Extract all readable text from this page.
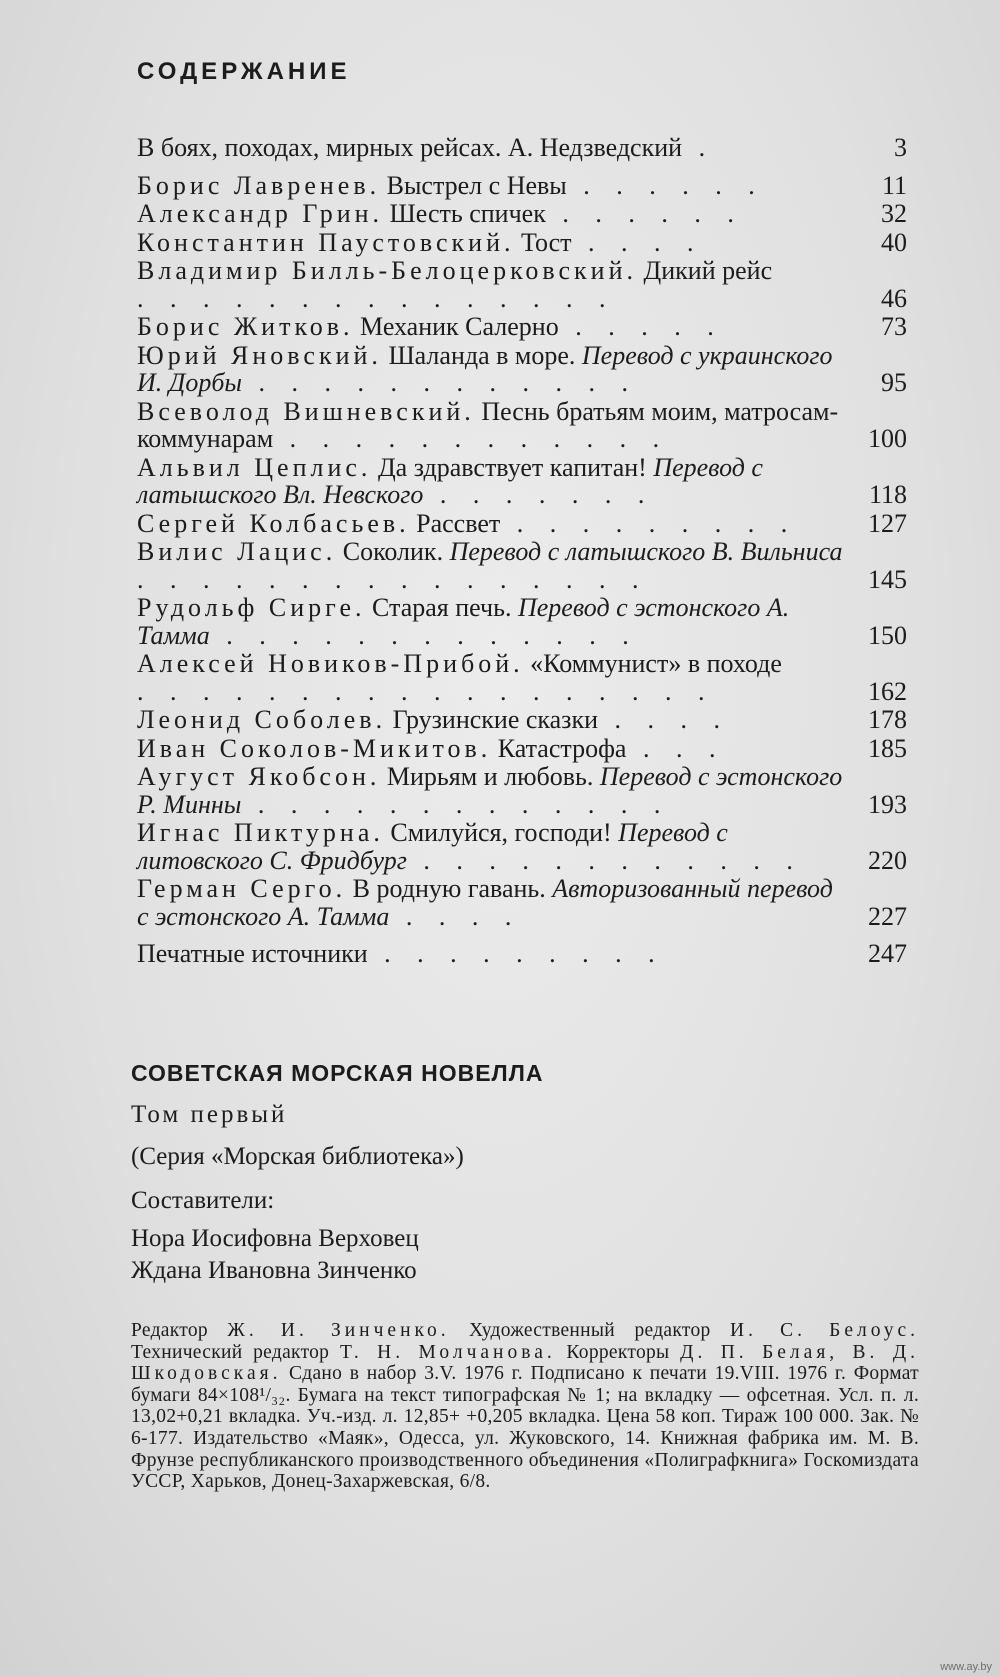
СОДЕРЖАНИЕ
В боях, походах, мирных рейсах. А. Недзведский .	3
Борис Лавренев. Выстрел с Невы . . . . . .	11
Александр Грин. Шесть спичек . . . . . .	32
Константин Паустовский. Тост . . . .	40
Владимир Билль-Белоцерковский. Дикий рейс . . . . . . . . . . . . . . .	46
Борис Житков. Механик Салерно . . . . .	73
Юрий Яновский. Шаланда в море. Перевод с украинского И. Дорбы . . . . . . . . . . . .	95
Всеволод Вишневский. Песнь братьям моим, матросам-коммунарам . . . . . . . . . . . .	100
Альвил Цеплис. Да здравствует капитан! Перевод с латышского Вл. Невского . . . . . . .	118
Сергей Колбасьев. Рассвет . . . . . . . . .	127
Вилис Лацис. Соколик. Перевод с латышского В. Вильниса . . . . . . . . . . . . . . . .	145
Рудольф Сирге. Старая печь. Перевод с эстонского А. Тамма . . . . . . . . . . . . .	150
Алексей Новиков-Прибой. «Коммунист» в походе . . . . . . . . . . . . . . . . . .	162
Леонид Соболев. Грузинские сказки . . . .	178
Иван Соколов-Микитов. Катастрофа . . .	185
Аугуст Якобсон. Мирьям и любовь. Перевод с эстонского Р. Минны . . . . . . . . . . . . .	193
Игнас Пиктурна. Смилуйся, господи! Перевод с литовского С. Фридбург . . . . . . . . . . . .	220
Герман Серго. В родную гавань. Авторизованный перевод с эстонского А. Тамма . . . .	227
Печатные источники . . . . . . . . .	247
СОВЕТСКАЯ МОРСКАЯ НОВЕЛЛА
Том первый
(Серия «Морская библиотека»)
Составители:
Нора Иосифовна Верховец
Ждана Ивановна Зинченко
Редактор Ж. И. Зинченко. Художественный редактор И. С. Белоус. Технический редактор Т. Н. Молчанова. Корректоры Д. П. Белая, В. Д. Шкодовская. Сдано в набор 3.V. 1976 г. Подписано к печати 19.VIII. 1976 г. Формат бумаги 84×108¹/₃₂. Бумага на текст типографская № 1; на вкладку — офсетная. Усл. п. л. 13,02+0,21 вкладка. Уч.-изд. л. 12,85+ +0,205 вкладка. Цена 58 коп. Тираж 100 000. Зак. № 6-177. Издательство «Маяк», Одесса, ул. Жуковского, 14. Книжная фабрика им. М. В. Фрунзе республиканского производственного объединения «Полиграфкнига» Госкомиздата УССР, Харьков, Донец-Захаржевская, 6/8.
www.ay.by
